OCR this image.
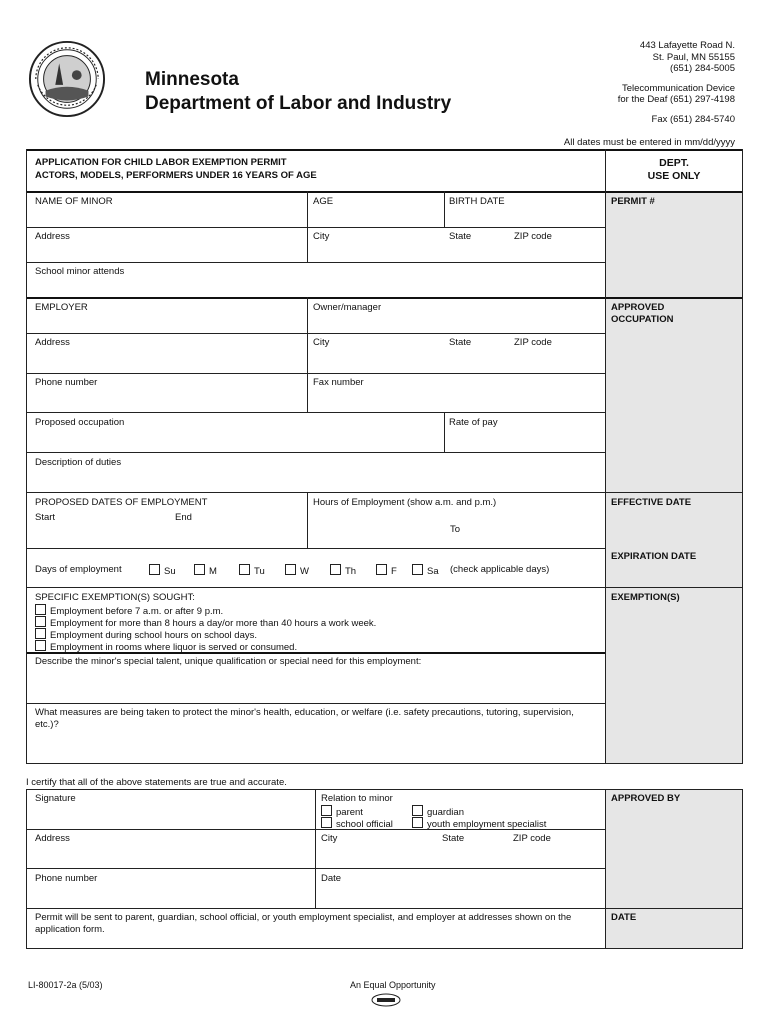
Minnesota
Department of Labor and Industry
443 Lafayette Road N.
St. Paul, MN 55155
(651) 284-5005
Telecommunication Device
for the Deaf (651) 297-4198
Fax (651) 284-5740
All dates must be entered in mm/dd/yyyy
APPLICATION FOR CHILD LABOR EXEMPTION PERMIT
ACTORS, MODELS, PERFORMERS UNDER 16 YEARS OF AGE
DEPT.
USE ONLY
NAME OF MINOR	AGE	BIRTH DATE	PERMIT #
Address	City	State	ZIP code
School minor attends
EMPLOYER	Owner/manager	APPROVED
OCCUPATION
Address	City	State	ZIP code
Phone number	Fax number
Proposed occupation	Rate of pay
Description of duties
PROPOSED DATES OF EMPLOYMENT
Start	End
Hours of Employment (show a.m. and p.m.)
To
EFFECTIVE DATE
EXPIRATION DATE
Days of employment	Su	M	Tu	W	Th	F	Sa (check applicable days)
SPECIFIC EXEMPTION(S) SOUGHT:
Employment before 7 a.m. or after 9 p.m.
Employment for more than 8 hours a day/or more than 40 hours a work week.
Employment during school hours on school days.
Employment in rooms where liquor is served or consumed.
EXEMPTION(S)
Describe the minor's special talent, unique qualification or special need for this employment:
What measures are being taken to protect the minor's health, education, or welfare (i.e. safety precautions, tutoring, supervision, etc.)?
I certify that all of the above statements are true and accurate.
Signature	Relation to minor
parent	guardian
school official	youth employment specialist
APPROVED BY
Address	City	State	ZIP code
Phone number	Date
Permit will be sent to parent, guardian, school official, or youth employment specialist, and employer at addresses shown on the application form.
DATE
LI-80017-2a (5/03)	An Equal Opportunity
